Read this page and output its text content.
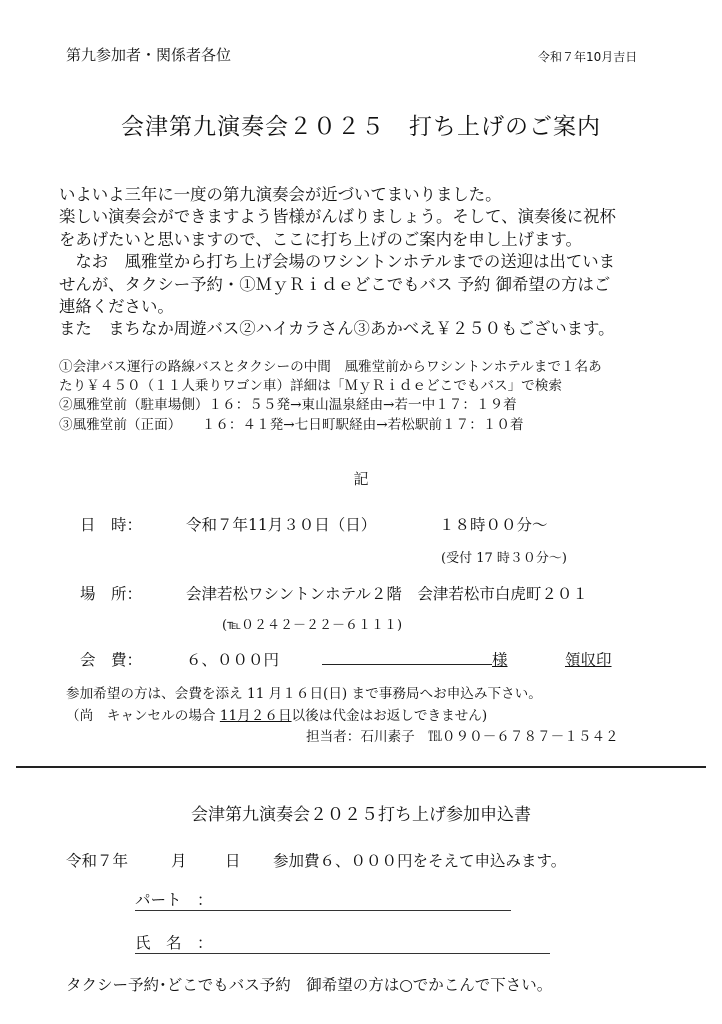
第九参加者・関係者各位	令和７年10月吉日
会津第九演奏会２０２５　打ち上げのご案内

いよいよ三年に一度の第九演奏会が近づいてまいりました。

楽しい演奏会ができますよう皆様がんばりましょう。そして、演奏後に祝杯

をあげたいと思いますので、ここに打ち上げのご案内を申し上げます。

　なお　風雅堂から打ち上げ会場のワシントンホテルまでの送迎は出ていま

せんが、タクシー予約・①ＭｙＲｉｄｅどこでもバス 予約 御希望の方はご

連絡ください。

また　まちなか周遊バス②ハイカラさん③あかべえ￥２５０もございます。

①会津バス運行の路線バスとタクシーの中間　風雅堂前からワシントンホテルまで１名あ

たり￥４５０（１１人乗りワゴン車）詳細は「ＭｙＲｉｄｅどこでもバス」で検索

②風雅堂前（駐車場側）１６：５５発→東山温泉経由→若一中１７：１９着

③風雅堂前（正面）　　１６：４１発→七日町駅経由→若松駅前１７：１０着

記
日　時：	令和７年11月３０日（日）	１８時００分～
(受付 17 時３０分～)
場　所：	会津若松ワシントンホテル２階　会津若松市白虎町２０１
(℡０２４２－２２－６１１１)
会　費：	６、０００円	様	領収印
参加希望の方は、会費を添え 11 月１６日(日) まで事務局へお申込み下さい。
（尚　キャンセルの場合 11月２６日以後は代金はお返しできません)
担当者：石川素子　℡０９０－６７８７－１５４２
会津第九演奏会２０２５打ち上げ参加申込書
令和７年	月 日 参加費６、０００円をそえて申込みます。
パート　：
氏　名　：
タクシー予約･どこでもバス予約　御希望の方は○でかこんで下さい。
